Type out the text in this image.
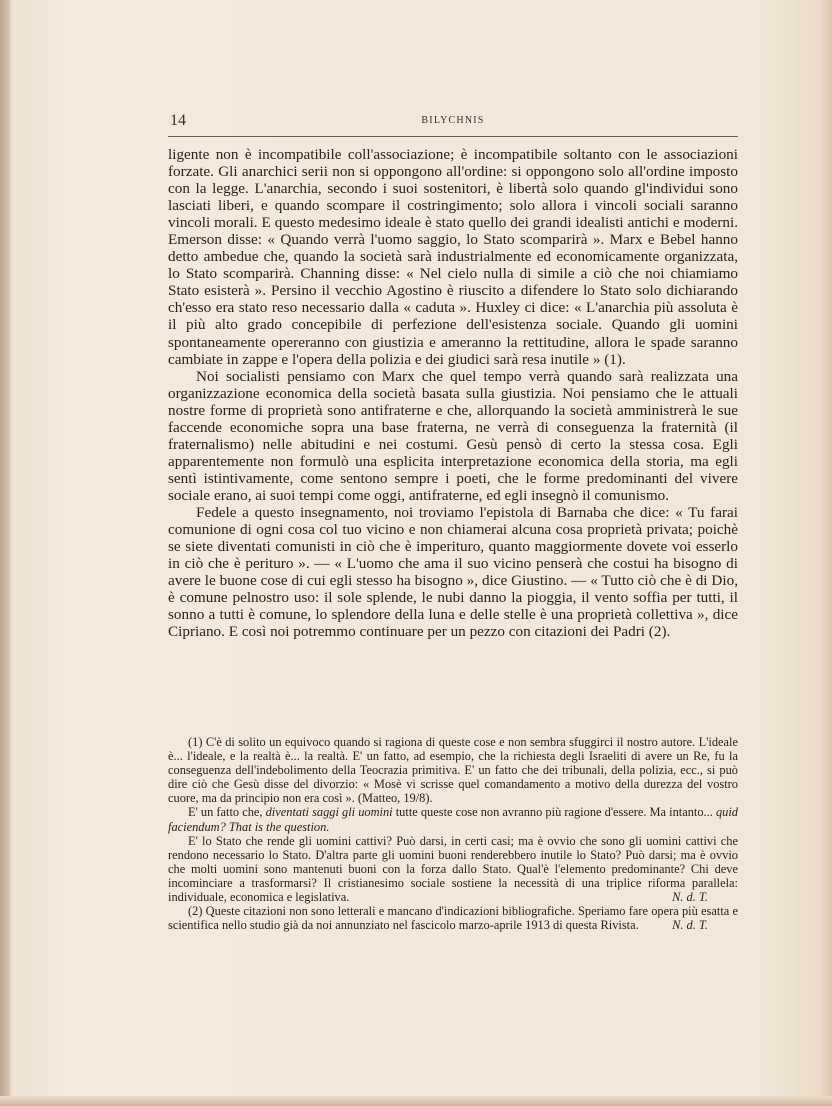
14	BILYCHNIS

ligente non è incompatibile coll'associazione; è incompatibile soltanto con le associazioni forzate. Gli anarchici serii non si oppongono all'ordine: si oppongono solo all'ordine imposto con la legge. L'anarchia, secondo i suoi sostenitori, è libertà solo quando gl'individui sono lasciati liberi, e quando scompare il costringimento; solo allora i vincoli sociali saranno vincoli morali. E questo medesimo ideale è stato quello dei grandi idealisti antichi e moderni. Emerson disse: « Quando verrà l'uomo saggio, lo Stato scomparirà ». Marx e Bebel hanno detto ambedue che, quando la società sarà industrialmente ed economicamente organizzata, lo Stato scomparirà. Channing disse: « Nel cielo nulla di simile a ciò che noi chiamiamo Stato esisterà ». Persino il vecchio Agostino è riuscito a difendere lo Stato solo dichiarando ch'esso era stato reso necessario dalla « caduta ». Huxley ci dice: « L'anarchia più assoluta è il più alto grado concepibile di perfezione dell'esistenza sociale. Quando gli uomini spontaneamente opereranno con giustizia e ameranno la rettitudine, allora le spade saranno cambiate in zappe e l'opera della polizia e dei giudici sarà resa inutile » (1).

Noi socialisti pensiamo con Marx che quel tempo verrà quando sarà realizzata una organizzazione economica della società basata sulla giustizia. Noi pensiamo che le attuali nostre forme di proprietà sono antifraterne e che, allorquando la società amministrerà le sue faccende economiche sopra una base fraterna, ne verrà di conseguenza la fraternità (il fraternalismo) nelle abitudini e nei costumi. Gesù pensò di certo la stessa cosa. Egli apparentemente non formulò una esplicita interpretazione economica della storia, ma egli sentì istintivamente, come sentono sempre i poeti, che le forme predominanti del vivere sociale erano, ai suoi tempi come oggi, antifraterne, ed egli insegnò il comunismo.

Fedele a questo insegnamento, noi troviamo l'epistola di Barnaba che dice: « Tu farai comunione di ogni cosa col tuo vicino e non chiamerai alcuna cosa proprietà privata; poichè se siete diventati comunisti in ciò che è imperituro, quanto maggiormente dovete voi esserlo in ciò che è perituro ». — « L'uomo che ama il suo vicino penserà che costui ha bisogno di avere le buone cose di cui egli stesso ha bisogno », dice Giustino. — « Tutto ciò che è di Dio, è comune pelnostro uso: il sole splende, le nubi danno la pioggia, il vento soffia per tutti, il sonno a tutti è comune, lo splendore della luna e delle stelle è una proprietà collettiva », dice Cipriano. E così noi potremmo continuare per un pezzo con citazioni dei Padri (2).

(1) C'è di solito un equivoco quando si ragiona di queste cose e non sembra sfuggirci il nostro autore. L'ideale è... l'ideale, e la realtà è... la realtà. E' un fatto, ad esempio, che la richiesta degli Israeliti di avere un Re, fu la conseguenza dell'indebolimento della Teocrazia primitiva. E' un fatto che dei tribunali, della polizia, ecc., si può dire ciò che Gesù disse del divorzio: « Mosè vi scrisse quel comandamento a motivo della durezza del vostro cuore, ma da principio non era così ». (Matteo, 19/8).

E' un fatto che, diventati saggi gli uomini tutte queste cose non avranno più ragione d'essere. Ma intanto... quid faciendum? That is the question.

E' lo Stato che rende gli uomini cattivi? Può darsi, in certi casi; ma è ovvio che sono gli uomini cattivi che rendono necessario lo Stato. D'altra parte gli uomini buoni renderebbero inutile lo Stato? Può darsi; ma è ovvio che molti uomini sono mantenuti buoni con la forza dallo Stato. Qual'è l'elemento predominante? Chi deve incominciare a trasformarsi? Il cristianesimo sociale sostiene la necessità di una triplice riforma parallela: individuale, economica e legislativa.	N. d. T.

(2) Queste citazioni non sono letterali e mancano d'indicazioni bibliografiche. Speriamo fare opera più esatta e scientifica nello studio già da noi annunziato nel fascicolo marzo-aprile 1913 di questa Rivista.	N. d. T.
